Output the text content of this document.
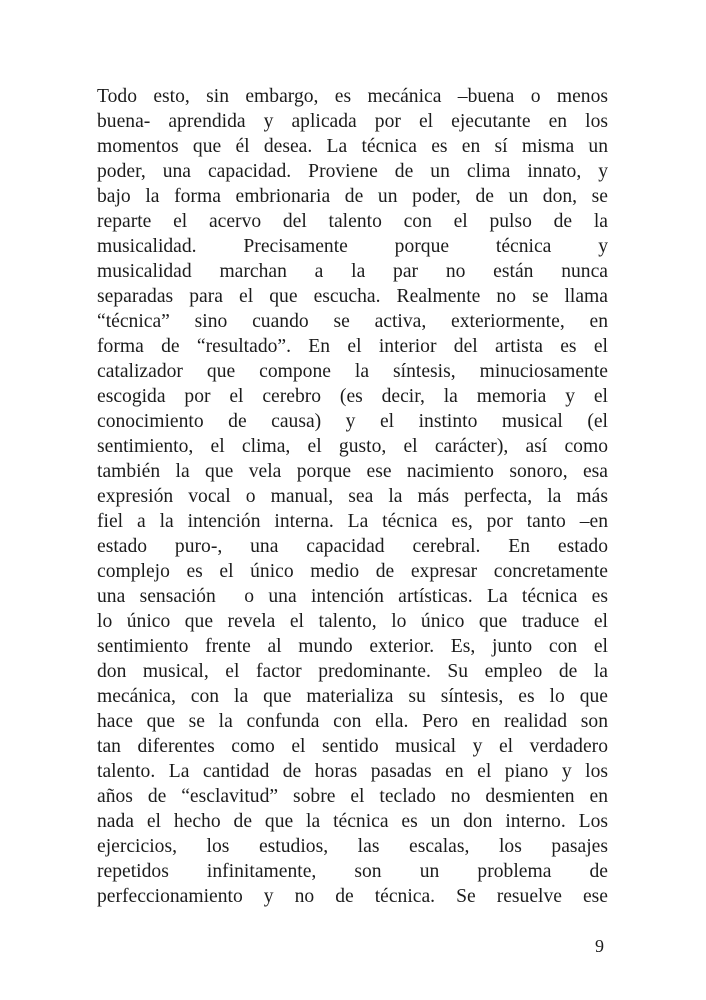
Todo esto, sin embargo, es mecánica –buena o menos
buena- aprendida y aplicada por el ejecutante en los
momentos que él desea. La técnica es en sí misma un
poder, una capacidad. Proviene de un clima innato, y
bajo la forma embrionaria de un poder, de un don, se
reparte el acervo del talento con el pulso de la
musicalidad. Precisamente porque técnica y
musicalidad marchan a la par no están nunca
separadas para el que escucha. Realmente no se llama
“técnica” sino cuando se activa, exteriormente, en
forma de “resultado”. En el interior del artista es el
catalizador que compone la síntesis, minuciosamente
escogida por el cerebro (es decir, la memoria y el
conocimiento de causa) y el instinto musical (el
sentimiento, el clima, el gusto, el carácter), así como
también la que vela porque ese nacimiento sonoro, esa
expresión vocal o manual, sea la más perfecta, la más
fiel a la intención interna. La técnica es, por tanto –en
estado puro-, una capacidad cerebral. En estado
complejo es el único medio de expresar concretamente
una sensación  o una intención artísticas. La técnica es
lo único que revela el talento, lo único que traduce el
sentimiento frente al mundo exterior. Es, junto con el
don musical, el factor predominante. Su empleo de la
mecánica, con la que materializa su síntesis, es lo que
hace que se la confunda con ella. Pero en realidad son
tan diferentes como el sentido musical y el verdadero
talento. La cantidad de horas pasadas en el piano y los
años de “esclavitud” sobre el teclado no desmienten en
nada el hecho de que la técnica es un don interno. Los
ejercicios, los estudios, las escalas, los pasajes
repetidos infinitamente, son un problema de
perfeccionamiento y no de técnica. Se resuelve ese
9
